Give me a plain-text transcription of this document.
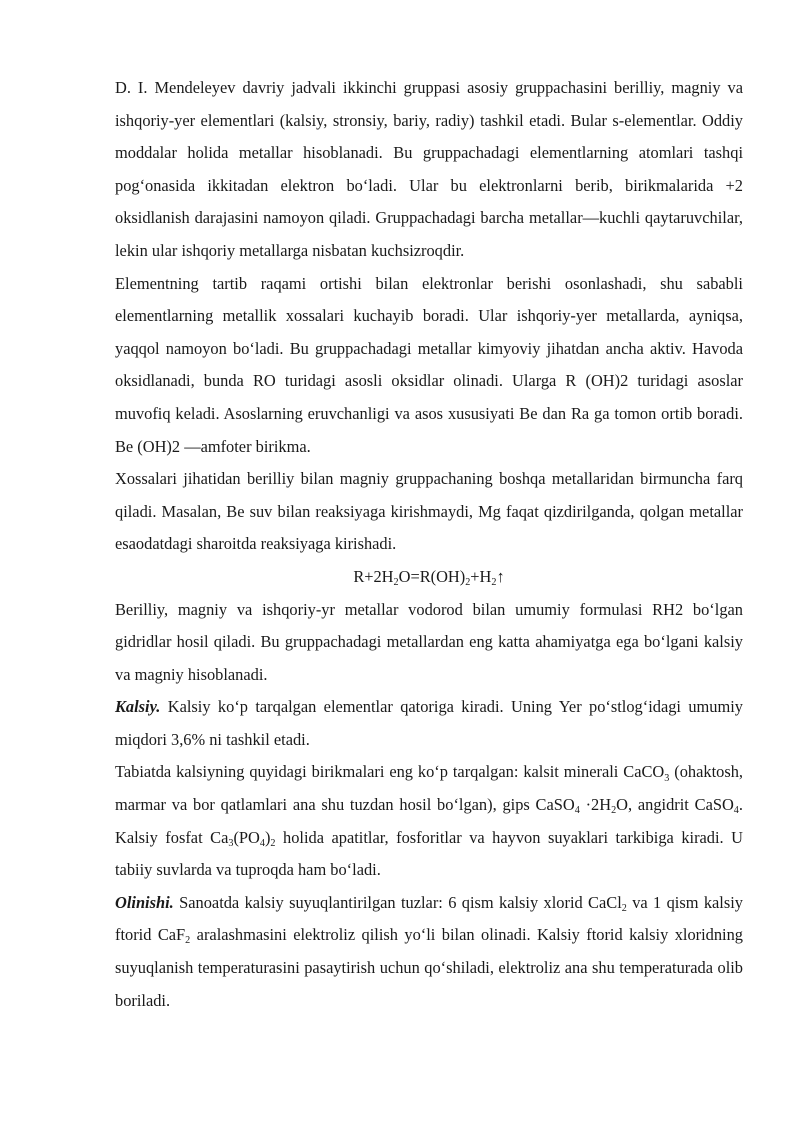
D. I. Mendeleyev davriy jadvali ikkinchi gruppasi asosiy gruppachasini berilliy, magniy va ishqoriy-yer elementlari (kalsiy, stronsiy, bariy, radiy) tashkil etadi. Bular s-elementlar. Oddiy moddalar holida metallar hisoblanadi. Bu gruppachadagi elementlarning atomlari tashqi pog‘onasida ikkitadan elektron bo‘ladi. Ular bu elektronlarni berib, birikmalarida +2 oksidlanish darajasini namoyon qiladi. Gruppachadagi barcha metallar—kuchli qaytaruvchilar, lekin ular ishqoriy metallarga nisbatan kuchsizroqdir.

Elementning tartib raqami ortishi bilan elektronlar berishi osonlashadi, shu sababli elementlarning metallik xossalari kuchayib boradi. Ular ishqoriy-yer metallarda, ayniqsa, yaqqol namoyon bo‘ladi. Bu gruppachadagi metallar kimyoviy jihatdan ancha aktiv. Havoda oksidlanadi, bunda RO turidagi asosli oksidlar olinadi. Ularga R (OH)2 turidagi asoslar muvofiq keladi. Asoslarning eruvchanligi va asos xususiyati Be dan Ra ga tomon ortib boradi. Be (OH)2 —amfoter birikma.

Xossalari jihatidan berilliy bilan magniy gruppachaning boshqa metallaridan birmuncha farq qiladi. Masalan, Be suv bilan reaksiyaga kirishmaydi, Mg faqat qizdirilganda, qolgan metallar esaodatdagi sharoitda reaksiyaga kirishadi.

$R+2H_2O=R(OH)_2+H_2↑$

Berilliy, magniy va ishqoriy-yr metallar vodorod bilan umumiy formulasi RH2 bo‘lgan gidridlar hosil qiladi. Bu gruppachadagi metallardan eng katta ahamiyatga ega bo‘lgani kalsiy va magniy hisoblanadi.

Kalsiy. Kalsiy ko‘p tarqalgan elementlar qatoriga kiradi. Uning Yer po‘stlog‘idagi umumiy miqdori 3,6% ni tashkil etadi.

Tabiatda kalsiyning quyidagi birikmalari eng ko‘p tarqalgan: kalsit minerali CaCO$_3$ (ohaktosh, marmar va bor qatlamlari ana shu tuzdan hosil bo‘lgan), gips CaSO$_4$ $\cdot 2H_2O$, angidrit CaSO$_4$. Kalsiy fosfat $Ca_3(PO_4)_2$ holida apatitlar, fosforitlar va hayvon suyaklari tarkibiga kiradi. U tabiiy suvlarda va tuproqda ham bo‘ladi.

Olinishi. Sanoatda kalsiy suyuqlantirilgan tuzlar: 6 qism kalsiy xlorid CaCl$_2$ va 1 qism kalsiy ftorid CaF$_2$ aralashmasini elektroliz qilish yo‘li bilan olinadi. Kalsiy ftorid kalsiy xloridning suyuqlanish temperaturasini pasaytirish uchun qo‘shiladi, elektroliz ana shu temperaturada olib boriladi.
